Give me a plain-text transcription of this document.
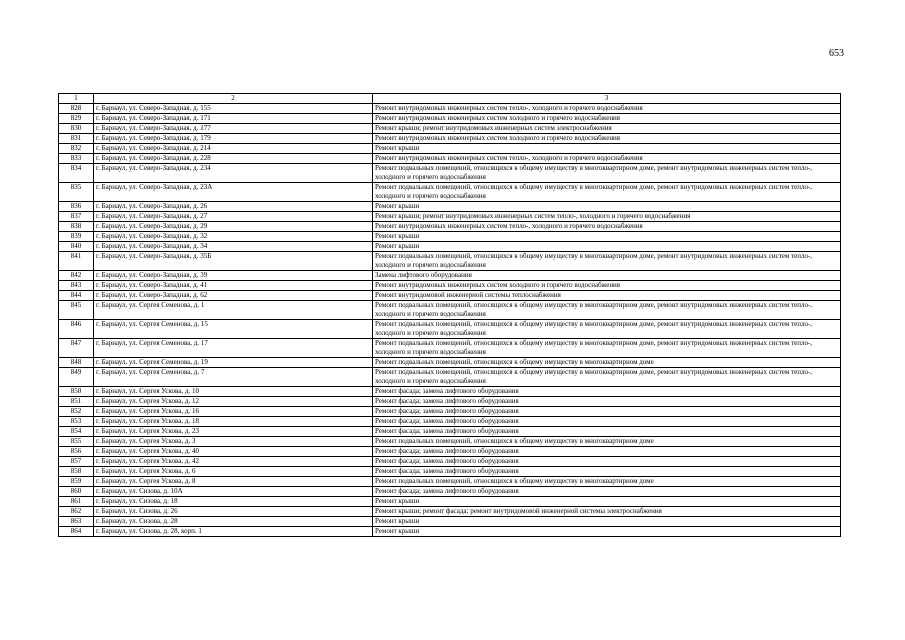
653
1	2	3
828	г. Барнаул, ул. Северо-Западная, д. 155	Ремонт внутридомовых инженерных систем тепло-, холодного и горячего водоснабжения
829	г. Барнаул, ул. Северо-Западная, д. 171	Ремонт внутридомовых инженерных систем холодного и горячего водоснабжения
830	г. Барнаул, ул. Северо-Западная, д. 177	Ремонт крыши; ремонт внутридомовых инженерных систем электроснабжения
831	г. Барнаул, ул. Северо-Западная, д. 179	Ремонт внутридомовых инженерных систем холодного и горячего водоснабжения
832	г. Барнаул, ул. Северо-Западная, д. 214	Ремонт крыши
833	г. Барнаул, ул. Северо-Западная, д. 228	Ремонт внутридомовых инженерных систем тепло-, холодного и горячего водоснабжения
834	г. Барнаул, ул. Северо-Западная, д. 234	Ремонт подвальных помещений, относящихся к общему имуществу в многоквартирном доме, ремонт внутридомовых инженерных систем тепло-, холодного и горячего водоснабжения
835	г. Барнаул, ул. Северо-Западная, д. 23А	Ремонт подвальных помещений, относящихся к общему имуществу в многоквартирном доме, ремонт внутридомовых инженерных систем тепло-, холодного и горячего водоснабжения
836	г. Барнаул, ул. Северо-Западная, д. 26	Ремонт крыши
837	г. Барнаул, ул. Северо-Западная, д. 27	Ремонт крыши; ремонт внутридомовых инженерных систем тепло-, холодного и горячего водоснабжения
838	г. Барнаул, ул. Северо-Западная, д. 29	Ремонт внутридомовых инженерных систем тепло-, холодного и горячего водоснабжения
839	г. Барнаул, ул. Северо-Западная, д. 32	Ремонт крыши
840	г. Барнаул, ул. Северо-Западная, д. 34	Ремонт крыши
841	г. Барнаул, ул. Северо-Западная, д. 35Б	Ремонт подвальных помещений, относящихся к общему имуществу в многоквартирном доме, ремонт внутридомовых инженерных систем тепло-, холодного и горячего водоснабжения
842	г. Барнаул, ул. Северо-Западная, д. 39	Замена лифтового оборудования
843	г. Барнаул, ул. Северо-Западная, д. 41	Ремонт внутридомовых инженерных систем холодного и горячего водоснабжения
844	г. Барнаул, ул. Северо-Западная, д. 62	Ремонт внутридомовой инженерной системы теплоснабжения
845	г. Барнаул, ул. Сергея Семенова, д. 1	Ремонт подвальных помещений, относящихся к общему имуществу в многоквартирном доме, ремонт внутридомовых инженерных систем тепло-, холодного и горячего водоснабжения
846	г. Барнаул, ул. Сергея Семенова, д. 15	Ремонт подвальных помещений, относящихся к общему имуществу в многоквартирном доме, ремонт внутридомовых инженерных систем тепло-, холодного и горячего водоснабжения
847	г. Барнаул, ул. Сергея Семенова, д. 17	Ремонт подвальных помещений, относящихся к общему имуществу в многоквартирном доме, ремонт внутридомовых инженерных систем тепло-, холодного и горячего водоснабжения
848	г. Барнаул, ул. Сергея Семенова, д. 19	Ремонт подвальных помещений, относящихся к общему имуществу в многоквартирном доме
849	г. Барнаул, ул. Сергея Семенова, д. 7	Ремонт подвальных помещений, относящихся к общему имуществу в многоквартирном доме, ремонт внутридомовых инженерных систем тепло-, холодного и горячего водоснабжения
850	г. Барнаул, ул. Сергея Ускова, д. 10	Ремонт фасада; замена лифтового оборудования
851	г. Барнаул, ул. Сергея Ускова, д. 12	Ремонт фасада; замена лифтового оборудования
852	г. Барнаул, ул. Сергея Ускова, д. 16	Ремонт фасада; замена лифтового оборудования
853	г. Барнаул, ул. Сергея Ускова, д. 18	Ремонт фасада; замена лифтового оборудования
854	г. Барнаул, ул. Сергея Ускова, д. 23	Ремонт фасада; замена лифтового оборудования
855	г. Барнаул, ул. Сергея Ускова, д. 3	Ремонт подвальных помещений, относящихся к общему имуществу в многоквартирном доме
856	г. Барнаул, ул. Сергея Ускова, д. 40	Ремонт фасада; замена лифтового оборудования
857	г. Барнаул, ул. Сергея Ускова, д. 42	Ремонт фасада; замена лифтового оборудования
858	г. Барнаул, ул. Сергея Ускова, д. 6	Ремонт фасада; замена лифтового оборудования
859	г. Барнаул, ул. Сергея Ускова, д. 8	Ремонт подвальных помещений, относящихся к общему имуществу в многоквартирном доме
860	г. Барнаул, ул. Сизова, д. 10А	Ремонт фасада; замена лифтового оборудования
861	г. Барнаул, ул. Сизова, д. 18	Ремонт крыши
862	г. Барнаул, ул. Сизова, д. 26	Ремонт крыши; ремонт фасада; ремонт внутридомовой инженерной системы электроснабжения
863	г. Барнаул, ул. Сизова, д. 28	Ремонт крыши
864	г. Барнаул, ул. Сизова, д. 28, корп. 1	Ремонт крыши
